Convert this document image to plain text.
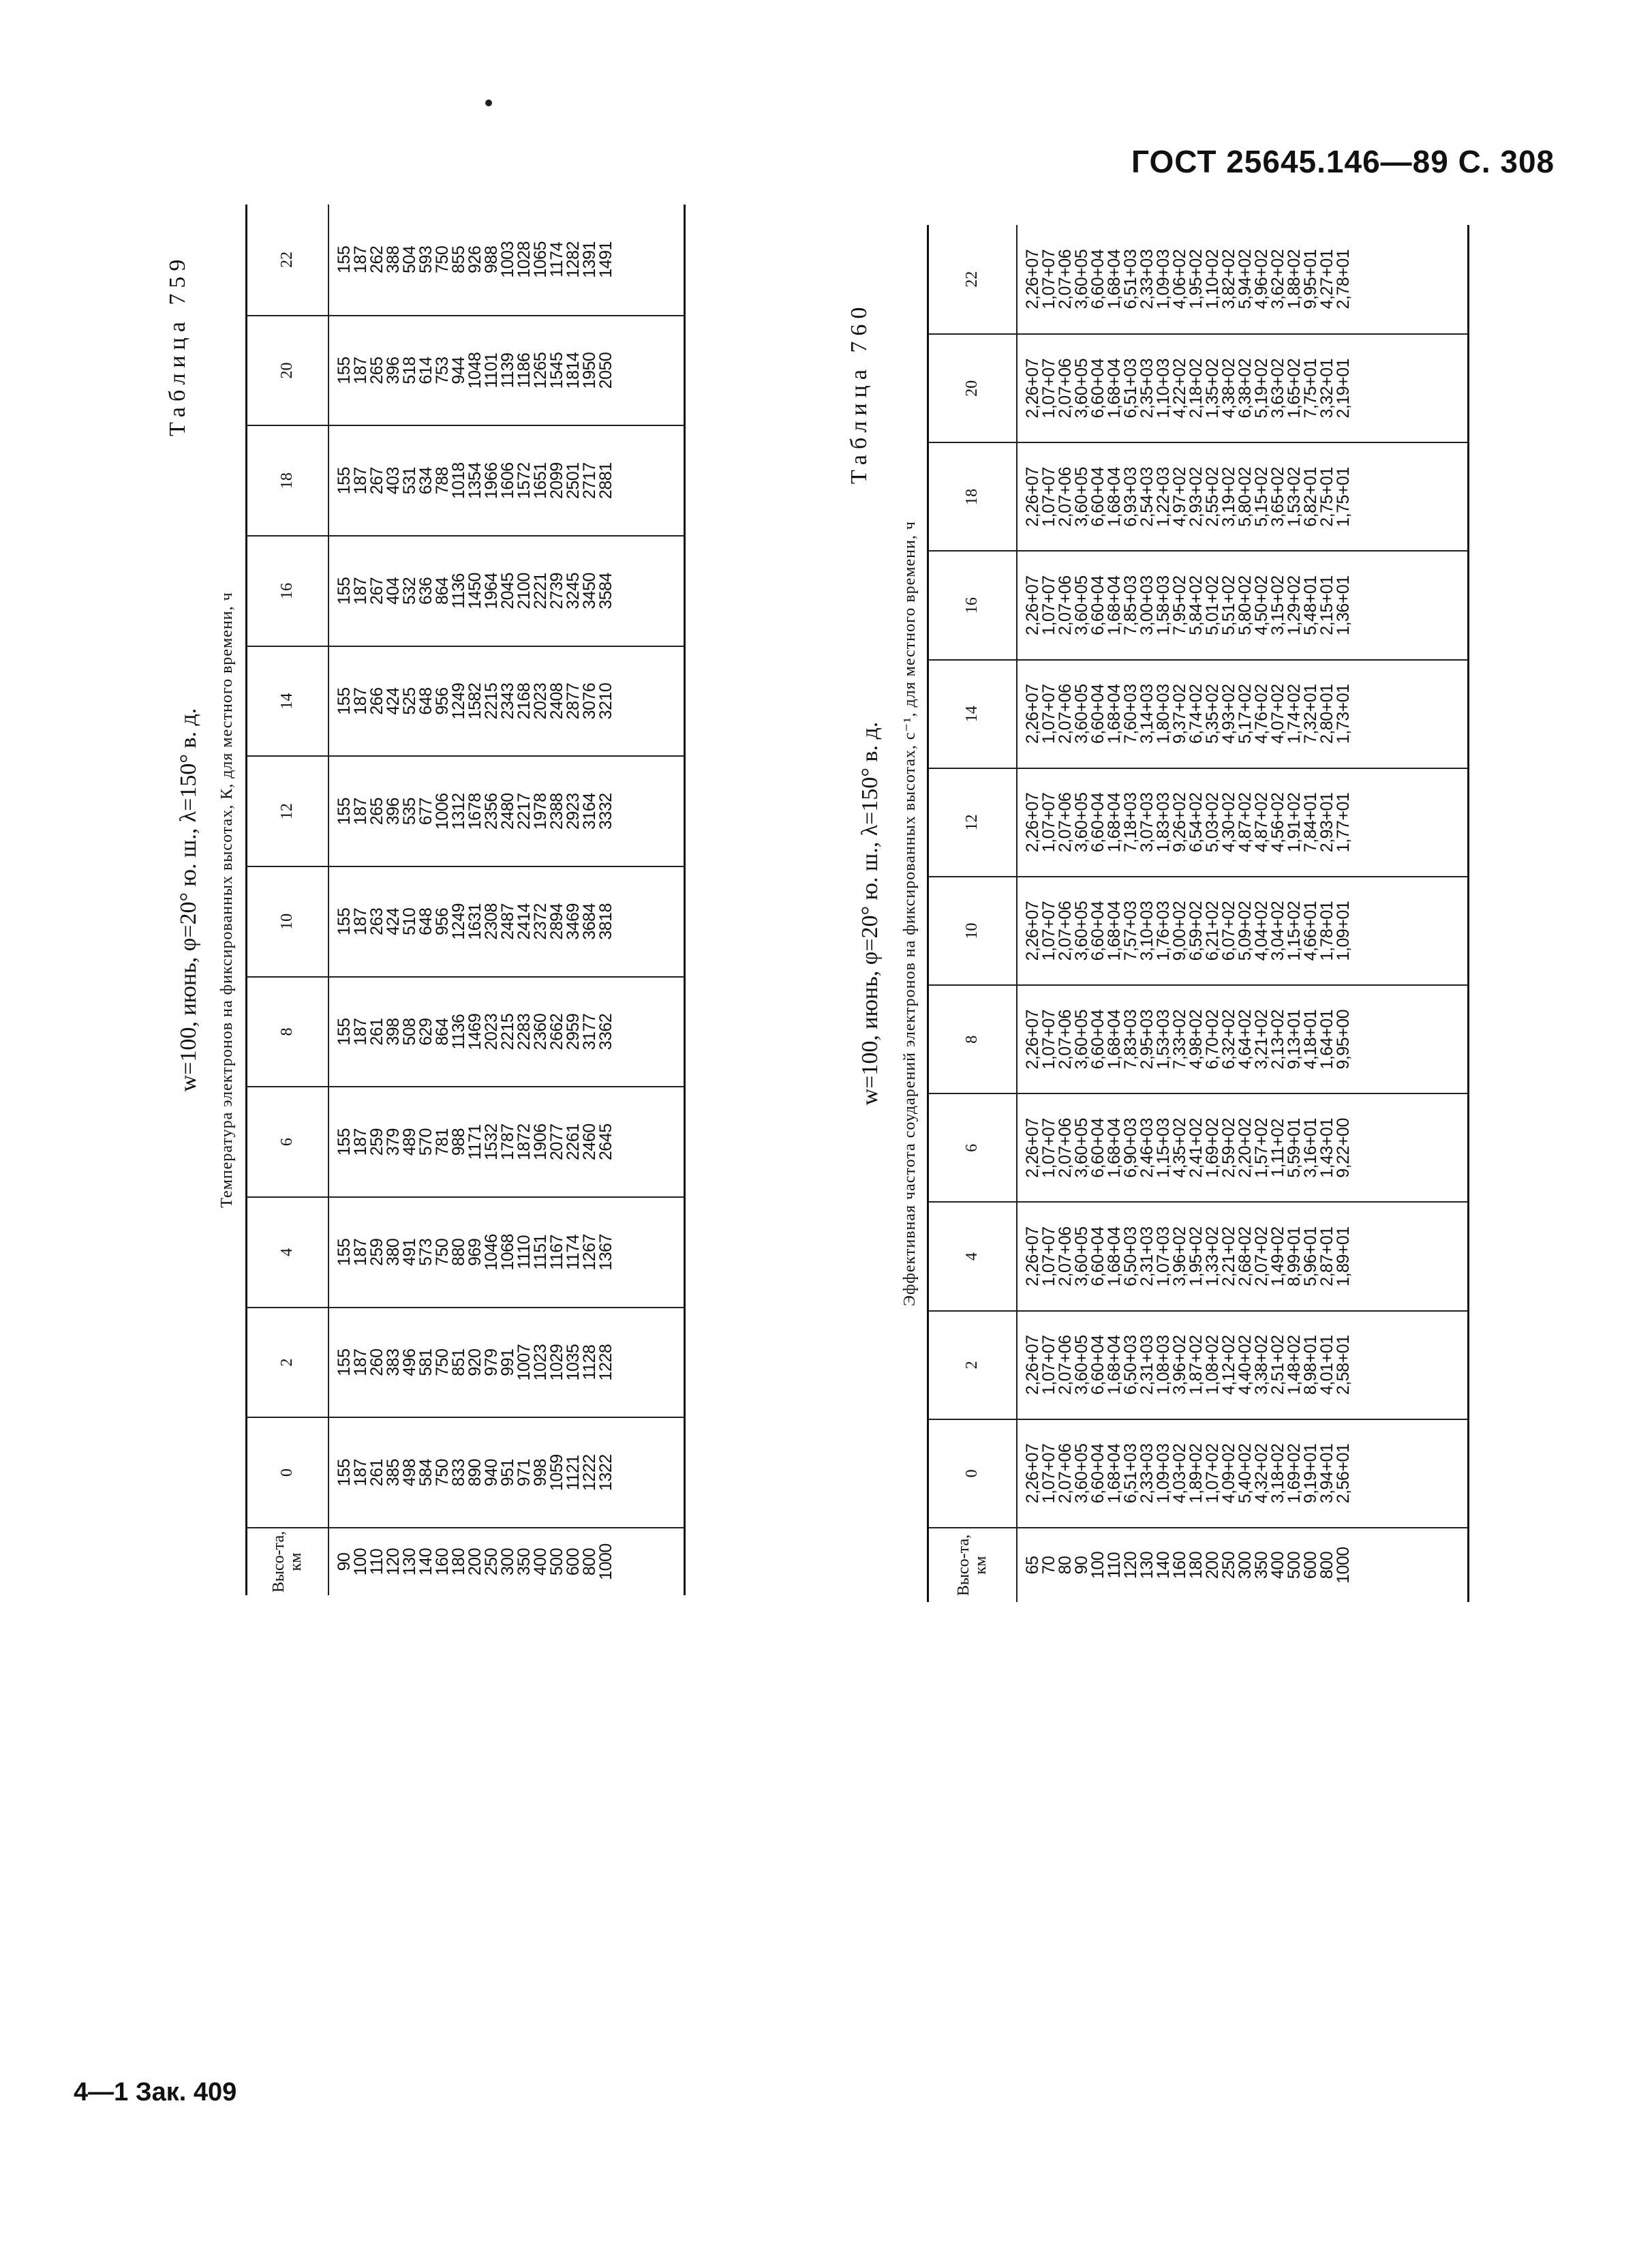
ГОСТ 25645.146—89 С. 308
Таблица 759
w=100, июнь, φ=20° ю. ш., λ=150° в. д. Температура электронов на фиксированных высотах, К, для местного времени, ч
Высо-та, км
0
2
4
6
8
10
12
14
16
18
20
22
90
100
110
120
130
140
160
180
200
250
300
350
400
500
600
800
1000
155
187
261
385
498
584
750
833
890
940
951
971
998
1059
1121
1222
1322
155
187
260
383
496
581
750
851
920
979
991
1007
1023
1029
1035
1128
1228
155
187
259
380
491
573
750
880
969
1046
1068
1110
1151
1167
1174
1267
1367
155
187
259
379
489
570
781
988
1171
1532
1787
1872
1906
2077
2261
2460
2645
155
187
261
398
508
629
864
1136
1469
2023
2215
2283
2360
2662
2959
3177
3362
155
187
263
424
510
648
956
1249
1631
2308
2487
2414
2372
2894
3469
3684
3818
155
187
265
396
535
677
1006
1312
1678
2356
2480
2217
1978
2388
2923
3164
3332
155
187
266
424
525
648
956
1249
1582
2215
2343
2168
2023
2408
2877
3076
3210
155
187
267
404
532
636
864
1136
1450
1964
2045
2100
2221
2739
3245
3450
3584
155
187
267
403
531
634
788
1018
1354
1966
1606
1572
1651
2099
2501
2717
2881
155
187
265
396
518
614
753
944
1048
1101
1139
1186
1265
1545
1814
1950
2050
155
187
262
388
504
593
750
855
926
988
1003
1028
1065
1174
1282
1391
1491
Таблица 760
w=100, июнь, φ=20° ю. ш., λ=150° в. д. Эффективная частота соударений электронов на фиксированных высотах, с⁻¹, для местного времени, ч
Высо-та, км
0
2
4
6
8
10
12
14
16
18
20
22
65
70
80
90
100
110
120
130
140
160
180
200
250
300
350
400
500
600
800
1000
2,26+07
1,07+07
2,07+06
3,60+05
6,60+04
1,68+04
6,51+03
2,33+03
1,09+03
4,03+02
1,89+02
1,07+02
4,09+02
5,40+02
4,32+02
3,18+02
1,69+02
9,19+01
3,94+01
2,56+01
2,26+07
1,07+07
2,07+06
3,60+05
6,60+04
1,68+04
6,50+03
2,31+03
1,08+03
3,96+02
1,87+02
1,08+02
4,12+02
4,40+02
3,38+02
2,51+02
1,48+02
8,98+01
4,01+01
2,58+01
2,26+07
1,07+07
2,07+06
3,60+05
6,60+04
1,68+04
6,50+03
2,31+03
1,07+03
3,96+02
1,95+02
1,33+02
2,21+02
2,68+02
2,07+02
1,49+02
8,99+01
5,96+01
2,87+01
1,89+01
2,26+07
1,07+07
2,07+06
3,60+05
6,60+04
1,68+04
6,90+03
2,46+03
1,15+03
4,35+02
2,41+02
1,69+02
2,59+02
2,20+02
1,57+02
1,11+02
5,59+01
3,16+01
1,43+01
9,22+00
2,26+07
1,07+07
2,07+06
3,60+05
6,60+04
1,68+04
7,83+03
2,95+03
1,53+03
7,33+02
4,98+02
6,70+02
6,32+02
4,64+02
3,21+02
2,13+02
9,13+01
4,18+01
1,64+01
9,95+00
2,26+07
1,07+07
2,07+06
3,60+05
6,60+04
1,68+04
7,57+03
3,10+03
1,76+03
9,00+02
6,59+02
6,21+02
6,07+02
5,09+02
4,04+02
3,04+02
1,15+02
4,66+01
1,78+01
1,09+01
2,26+07
1,07+07
2,07+06
3,60+05
6,60+04
1,68+04
7,18+03
3,07+03
1,83+03
9,26+02
6,54+02
5,03+02
4,30+02
4,87+02
4,87+02
4,56+02
1,91+02
7,84+01
2,93+01
1,77+01
2,26+07
1,07+07
2,07+06
3,60+05
6,60+04
1,68+04
7,60+03
3,14+03
1,80+03
9,37+02
6,74+02
5,35+02
4,93+02
5,17+02
4,76+02
4,07+02
1,74+02
7,32+01
2,80+01
1,73+01
2,26+07
1,07+07
2,07+06
3,60+05
6,60+04
1,68+04
7,85+03
3,00+03
1,58+03
7,95+02
5,84+02
5,01+02
5,51+02
5,80+02
4,50+02
3,15+02
1,29+02
5,48+01
2,15+01
1,36+01
2,26+07
1,07+07
2,07+06
3,60+05
6,60+04
1,68+04
6,93+03
2,54+03
1,22+03
4,97+02
2,93+02
2,55+02
3,19+02
5,80+02
5,15+02
3,65+02
1,53+02
6,82+01
2,75+01
1,75+01
2,26+07
1,07+07
2,07+06
3,60+05
6,60+04
1,68+04
6,51+03
2,35+03
1,10+03
4,22+02
2,18+02
1,35+02
4,38+02
6,38+02
5,19+02
3,63+02
1,65+02
7,75+01
3,32+01
2,19+01
2,26+07
1,07+07
2,07+06
3,60+05
6,60+04
1,68+04
6,51+03
2,33+03
1,09+03
4,06+02
1,95+02
1,10+02
3,82+02
5,94+02
4,96+02
3,62+02
1,88+02
9,95+01
4,27+01
2,78+01
4—1 Зак. 409
